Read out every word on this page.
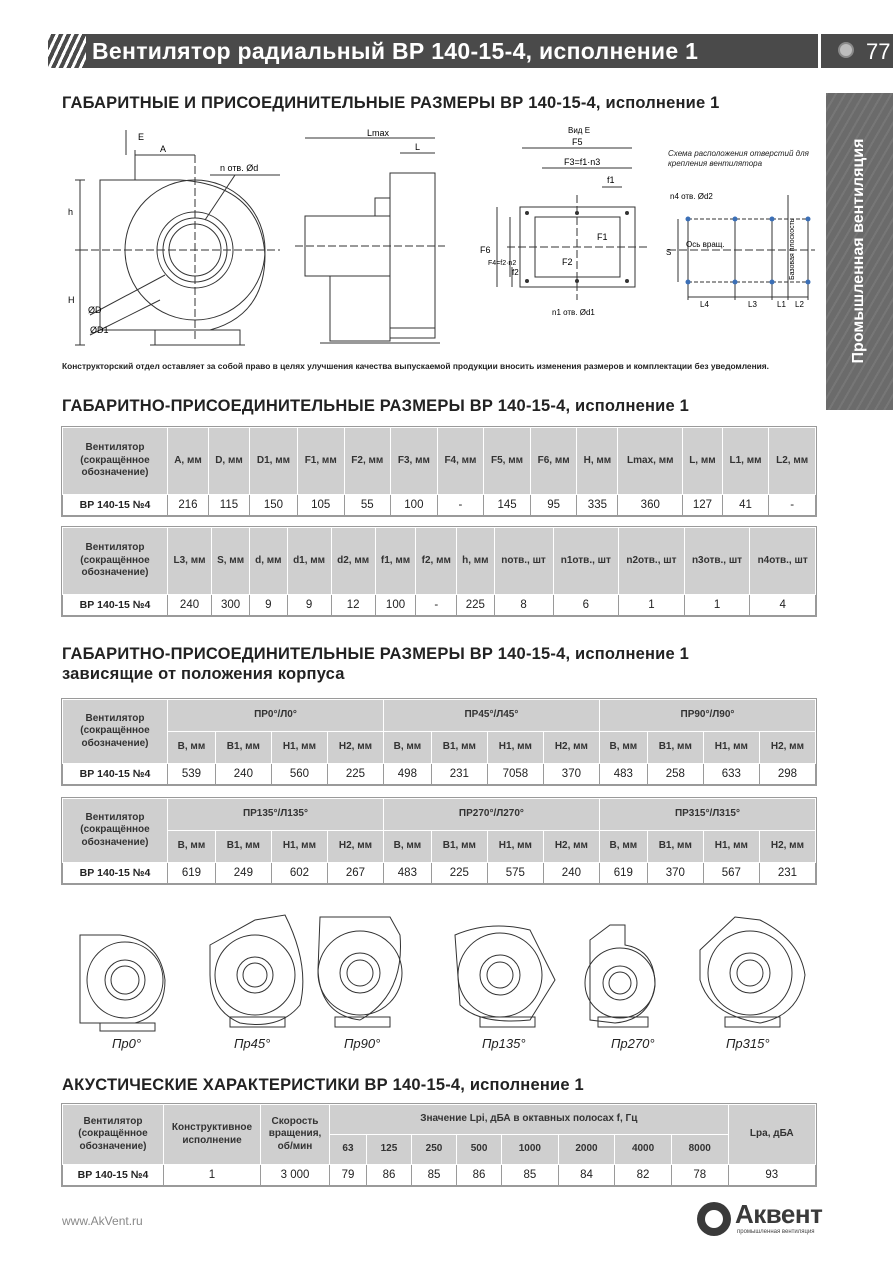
Вентилятор радиальный ВР 140-15-4, исполнение 1	77
Промышленная вентиляция
ГАБАРИТНЫЕ И ПРИСОЕДИНИТЕЛЬНЫЕ РАЗМЕРЫ ВР 140-15-4, исполнение 1
E
A
h
H
ØD
ØD1
n отв. Ød
Lmax
L
Вид Е
F5
F3=f1·n3
f1
F1
F6
F4=f2·n2
f2
F2
n1 отв. Ød1
Схема расположения отверстий для крепления вентилятора
n4 отв. Ød2
Ось вращ.
S
L4	L3	L1 L2
Базовая плоскость
Конструкторский отдел оставляет за собой право в целях улучшения качества выпускаемой продукции вносить изменения размеров и комплектации без уведомления.
ГАБАРИТНО-ПРИСОЕДИНИТЕЛЬНЫЕ РАЗМЕРЫ ВР 140-15-4, исполнение 1
Вентилятор (сокращённое обозначение)	A, мм	D, мм	D1, мм	F1, мм	F2, мм	F3, мм	F4, мм	F5, мм	F6, мм	H, мм	Lmax, мм	L, мм	L1, мм	L2, мм
ВР 140-15 №4	216	115	150	105	55	100	-	145	95	335	360	127	41	-
Вентилятор (сокращённое обозначение)	L3, мм	S, мм	d, мм	d1, мм	d2, мм	f1, мм	f2, мм	h, мм	nотв., шт	n1отв., шт	n2отв., шт	n3отв., шт	n4отв., шт
ВР 140-15 №4	240	300	9	9	12	100	-	225	8	6	1	1	4
ГАБАРИТНО-ПРИСОЕДИНИТЕЛЬНЫЕ РАЗМЕРЫ ВР 140-15-4, исполнение 1
зависящие от положения корпуса
Вентилятор (сокращённое обозначение)	ПР0°/Л0°				ПР45°/Л45°				ПР90°/Л90°			
	B, мм	B1, мм	H1, мм	H2, мм	B, мм	B1, мм	H1, мм	H2, мм	B, мм	B1, мм	H1, мм	H2, мм
ВР 140-15 №4	539	240	560	225	498	231	7058	370	483	258	633	298
Вентилятор (сокращённое обозначение)	ПР135°/Л135°				ПР270°/Л270°				ПР315°/Л315°			
	B, мм	B1, мм	H1, мм	H2, мм	B, мм	B1, мм	H1, мм	H2, мм	B, мм	B1, мм	H1, мм	H2, мм
ВР 140-15 №4	619	249	602	267	483	225	575	240	619	370	567	231
Пр0°	Пр45°	Пр90°	Пр135°	Пр270°	Пр315°
АКУСТИЧЕСКИЕ ХАРАКТЕРИСТИКИ ВР 140-15-4, исполнение 1
Вентилятор (сокращённое обозначение)	Конструктивное исполнение	Скорость вращения, об/мин	Значение Lpi, дБА в октавных полосах f, Гц								Lpa, дБА
			63	125	250	500	1000	2000	4000	8000	
ВР 140-15 №4	1	3 000	79	86	85	86	85	84	82	78	93
www.AkVent.ru	Аквент
промышленная вентиляция
